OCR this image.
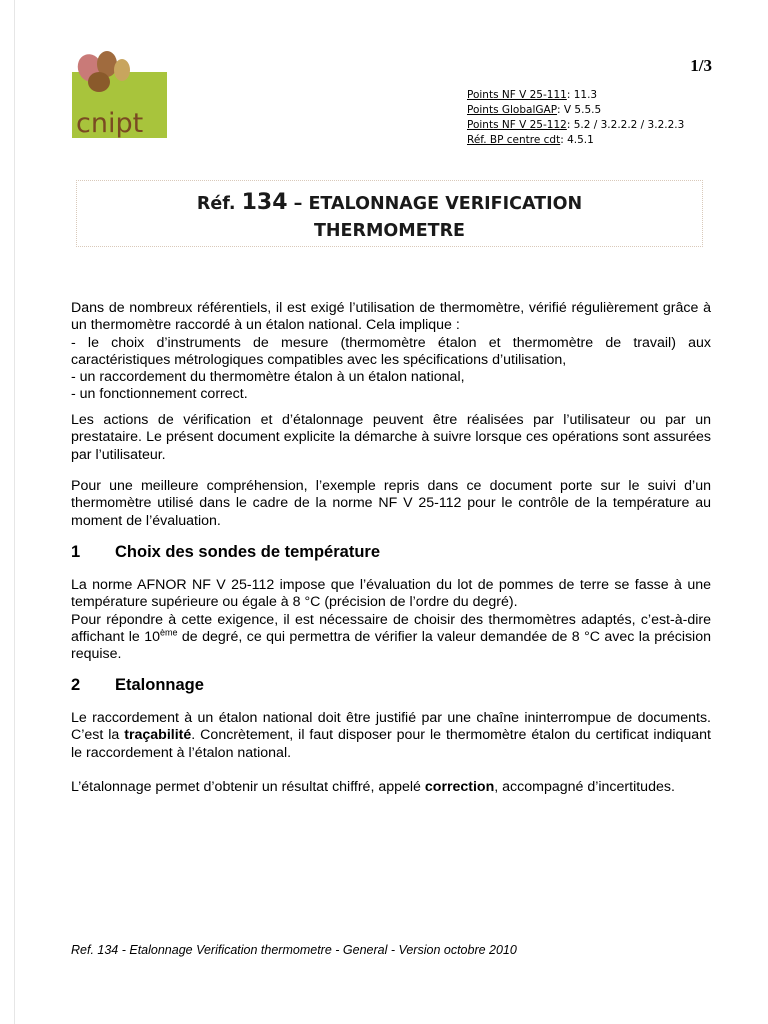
cnipt
1/3
Points NF V 25-111: 11.3
Points GlobalGAP: V 5.5.5
Points NF V 25-112: 5.2 / 3.2.2.2 / 3.2.2.3
Réf. BP centre cdt: 4.5.1
Réf. 134 – ETALONNAGE VERIFICATION
THERMOMETRE

Dans de nombreux référentiels, il est exigé l’utilisation de thermomètre, vérifié régulièrement grâce à un thermomètre raccordé à un étalon national. Cela implique :

- le choix d’instruments de mesure (thermomètre étalon et thermomètre de travail) aux caractéristiques métrologiques compatibles avec les spécifications d’utilisation,

- un raccordement du thermomètre étalon à un étalon national,

- un fonctionnement correct.

Les actions de vérification et d’étalonnage peuvent être réalisées par l’utilisateur ou par un prestataire. Le présent document explicite la démarche à suivre lorsque ces opérations sont assurées par l’utilisateur.

Pour une meilleure compréhension, l’exemple repris dans ce document porte sur le suivi d’un thermomètre utilisé dans le cadre de la norme NF V 25-112 pour le contrôle de la température au moment de l’évaluation.

1 Choix des sondes de température

La norme AFNOR NF V 25-112 impose que l’évaluation du lot de pommes de terre se fasse à une température supérieure ou égale à 8 °C (précision de l’ordre du degré).

Pour répondre à cette exigence, il est nécessaire de choisir des thermomètres adaptés, c’est-à-dire affichant le 10ème de degré, ce qui permettra de vérifier la valeur demandée de 8 °C avec la précision requise.

2 Etalonnage

Le raccordement à un étalon national doit être justifié par une chaîne ininterrompue de documents. C’est la traçabilité. Concrètement, il faut disposer pour le thermomètre étalon du certificat indiquant le raccordement à l’étalon national.

L’étalonnage permet d’obtenir un résultat chiffré, appelé correction, accompagné d’incertitudes.

Ref. 134 - Etalonnage Verification thermometre - General - Version octobre 2010
